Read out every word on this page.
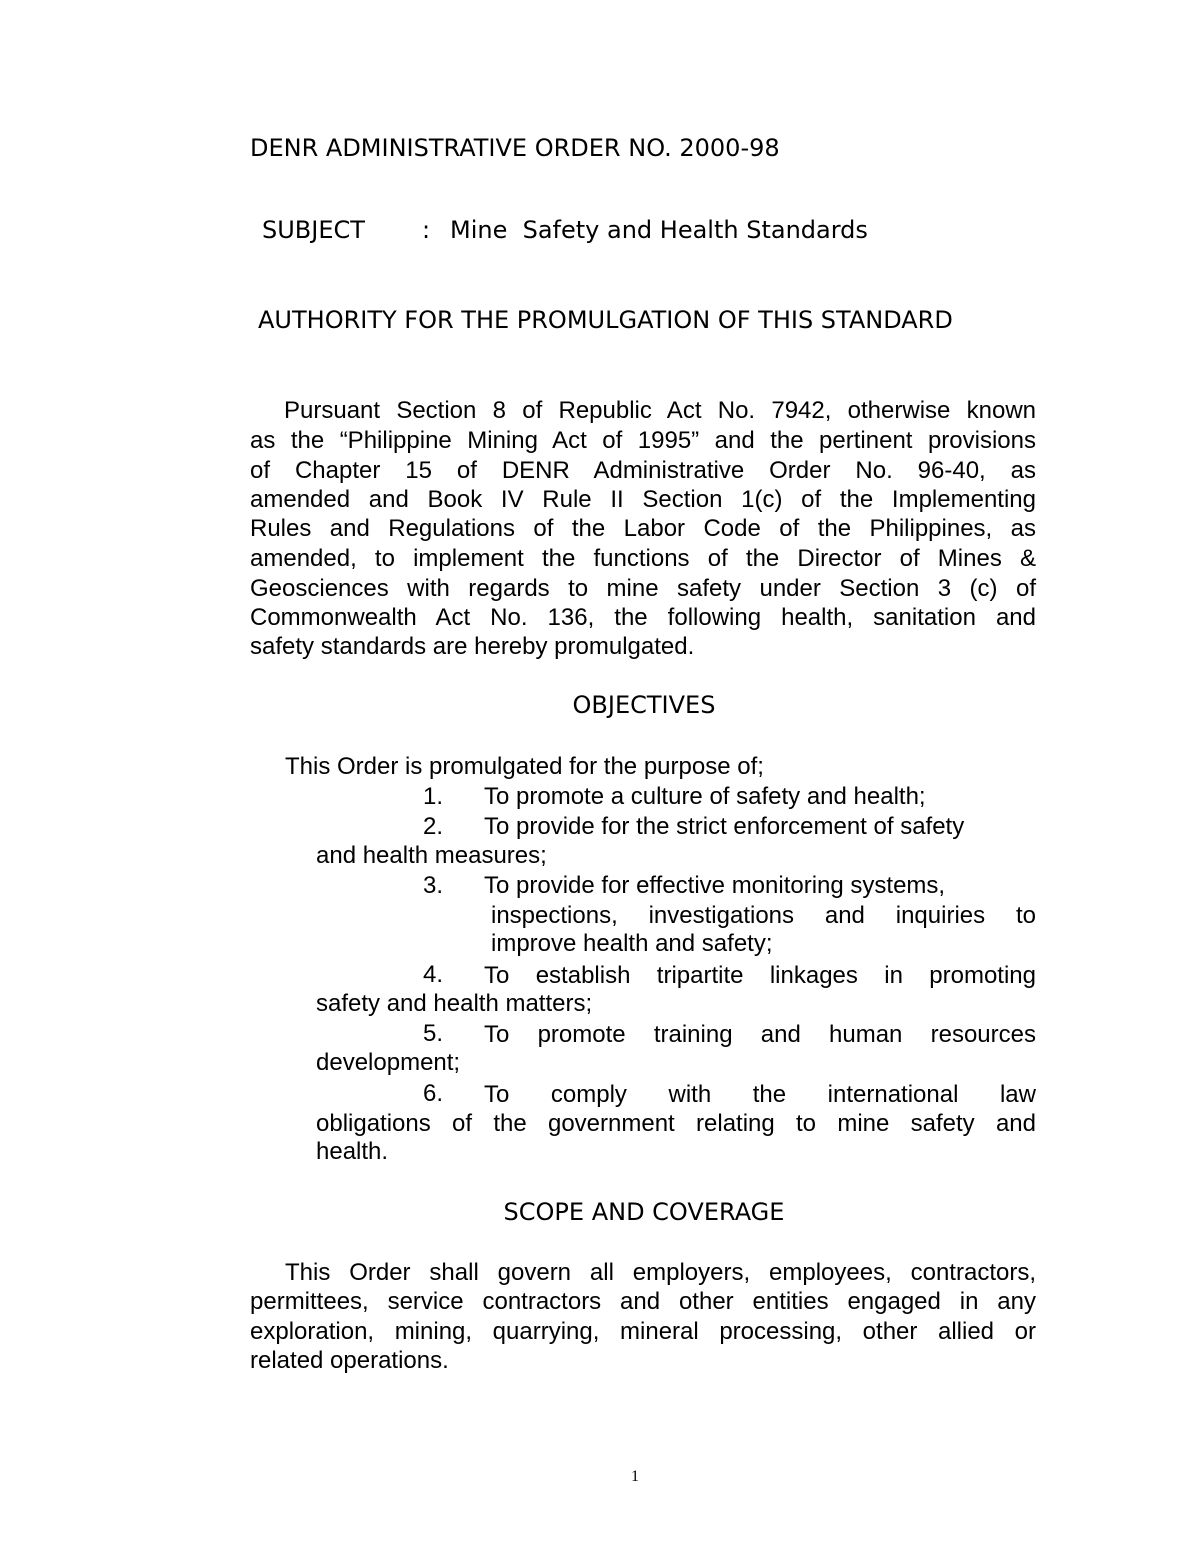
DENR ADMINISTRATIVE ORDER NO. 2000-98

SUBJECT : Mine  Safety and Health Standards

AUTHORITY FOR THE PROMULGATION OF THIS STANDARD

Pursuant Section 8 of Republic Act No. 7942, otherwise known

as the “Philippine Mining Act of 1995” and the pertinent provisions

of Chapter 15 of DENR Administrative Order No. 96-40, as

amended and Book IV Rule II Section 1(c) of the Implementing

Rules and Regulations of the Labor Code of the Philippines, as

amended, to implement the functions of the Director of Mines &

Geosciences with regards to mine safety under Section 3 (c) of

Commonwealth Act No. 136, the following health, sanitation and

safety standards are hereby promulgated.

OBJECTIVES

This Order is promulgated for the purpose of;

1. To promote a culture of safety and health;

2. To provide for the strict enforcement of safety

and health measures;

3. To provide for effective monitoring systems,

inspections, investigations and inquiries to

improve health and safety;

4. To establish tripartite linkages in promoting

safety and health matters;

5. To promote training and human resources

development;

6. To comply with the international law

obligations of the government relating to mine safety and

health.

SCOPE AND COVERAGE

This Order shall govern all employers, employees, contractors,

permittees, service contractors and other entities engaged in any

exploration, mining, quarrying, mineral processing, other allied or

related operations.

1
